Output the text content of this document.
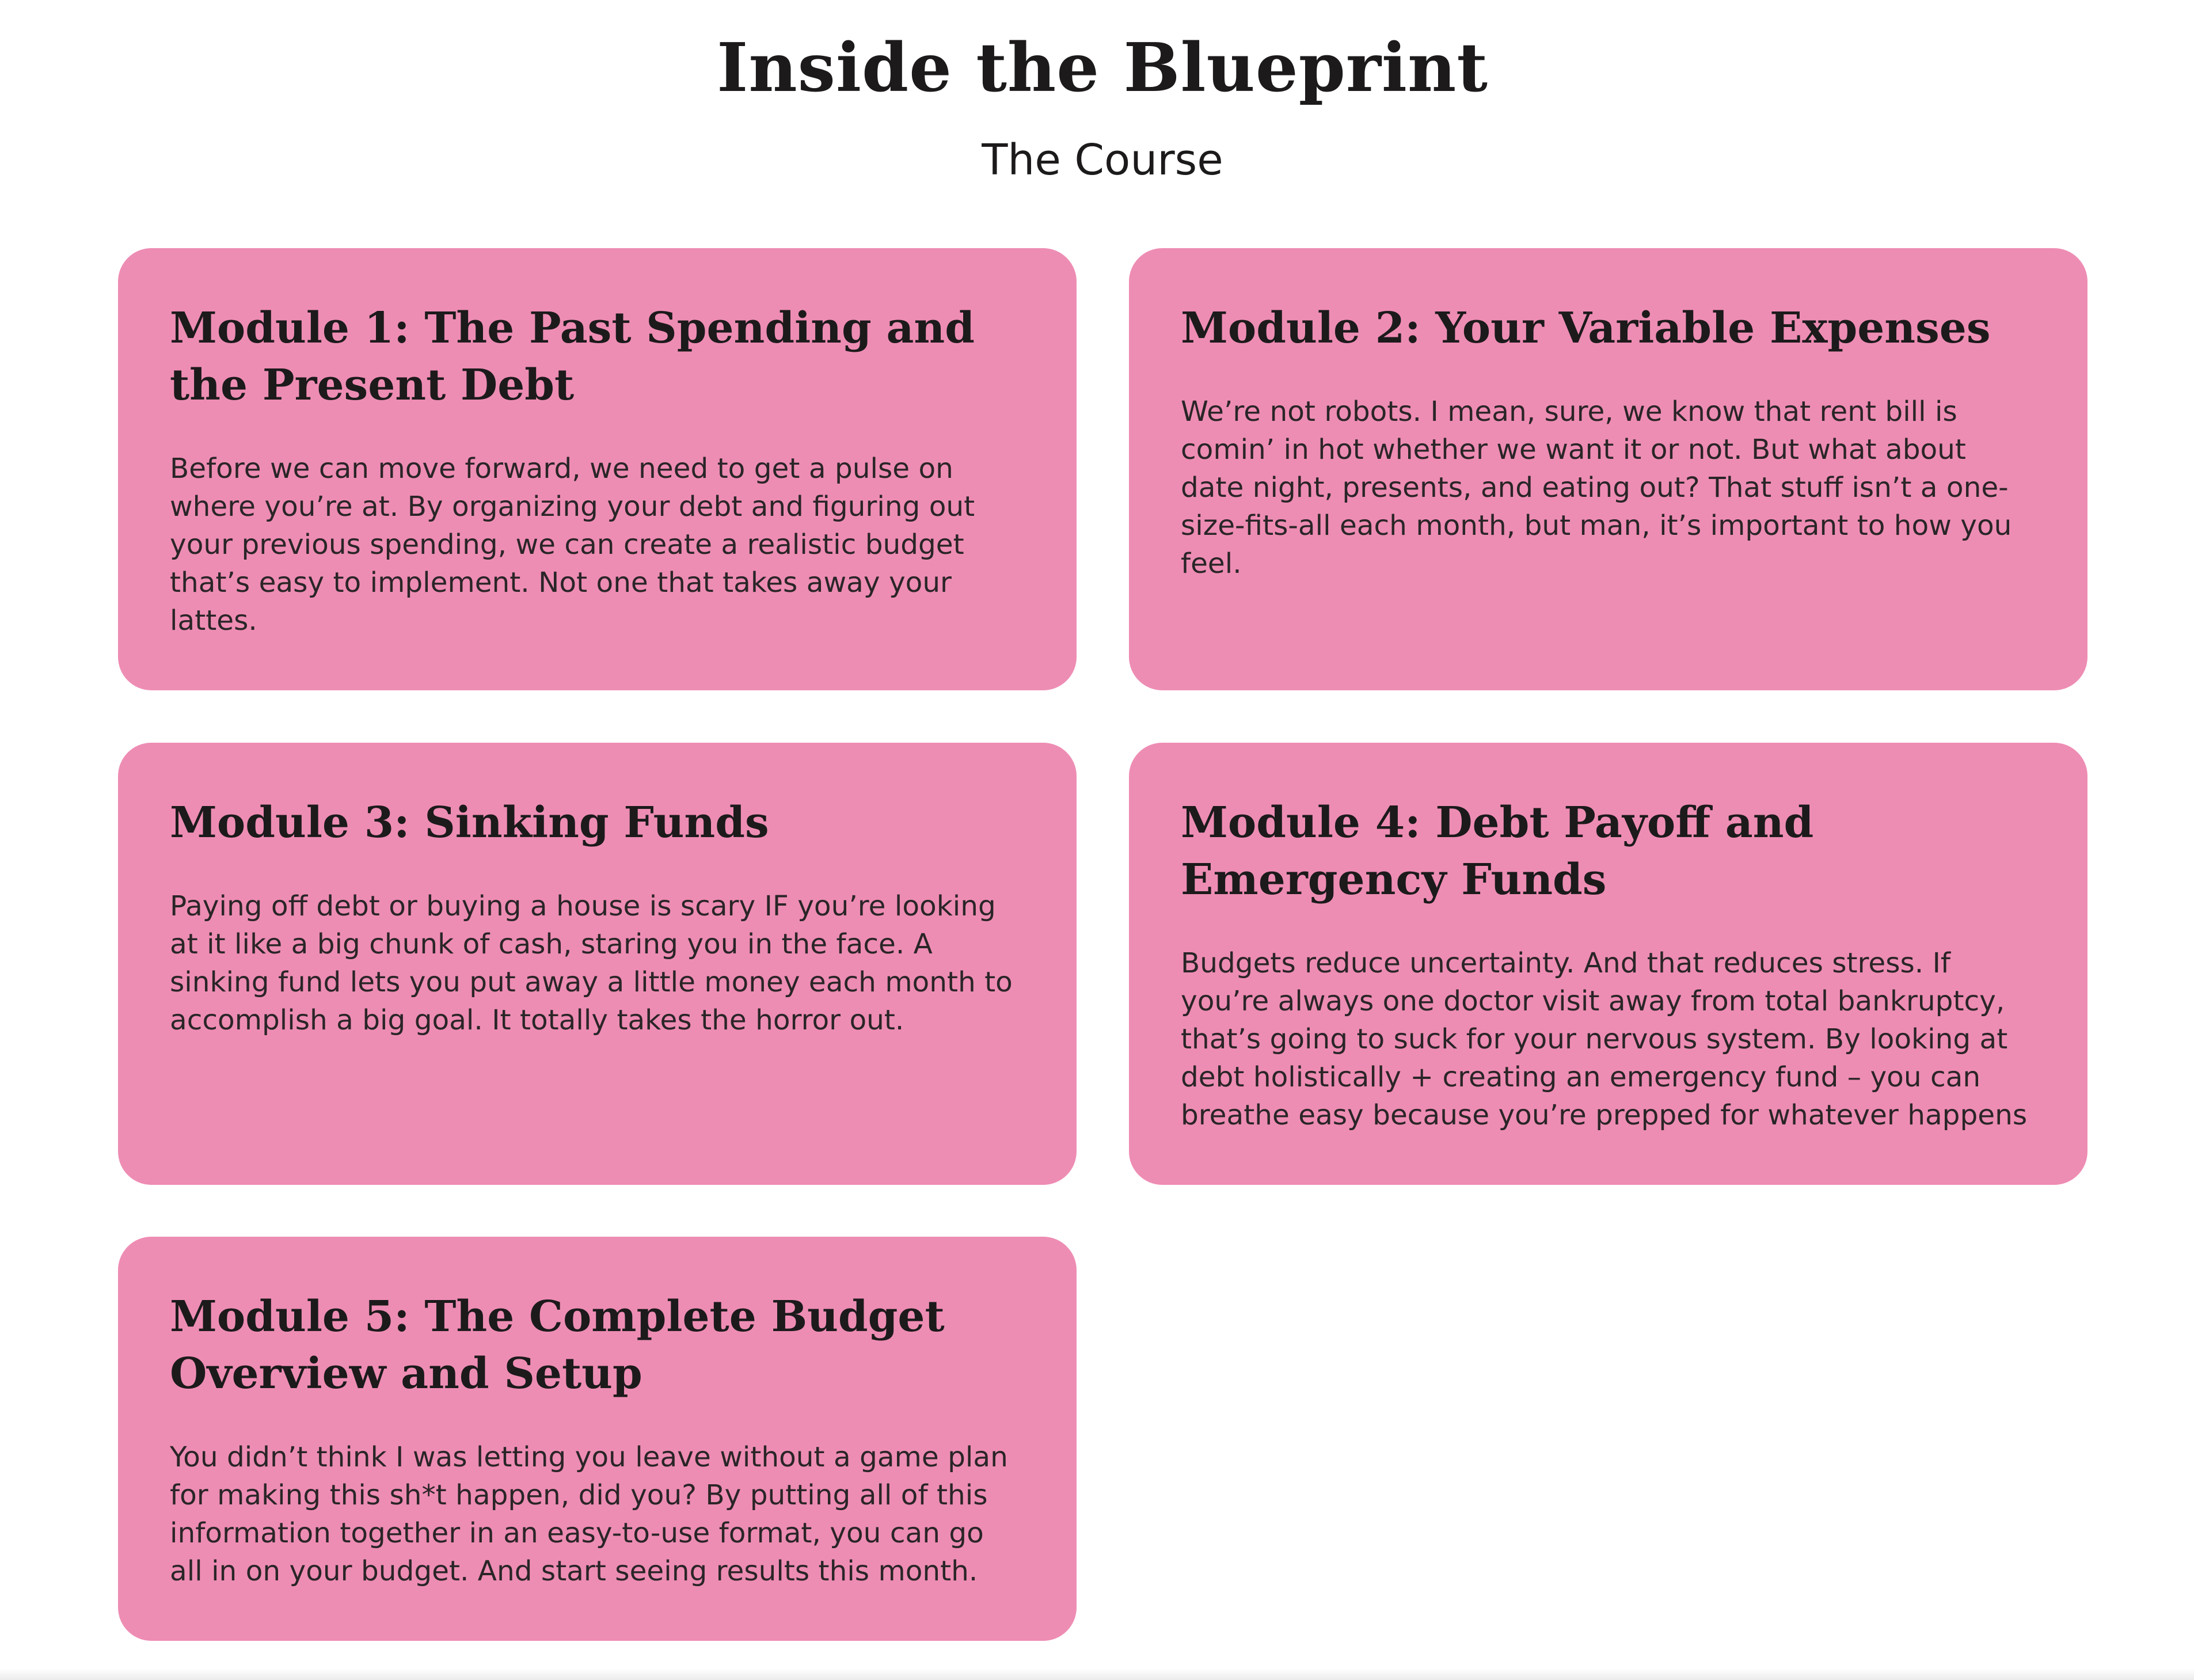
Inside the Blueprint
The Course
Module 1: The Past Spending and the Present Debt

Before we can move forward, we need to get a pulse on where you’re at. By organizing your debt and figuring out your previous spending, we can create a realistic budget that’s easy to implement. Not one that takes away your lattes.

Module 2: Your Variable Expenses

We’re not robots. I mean, sure, we know that rent bill is comin’ in hot whether we want it or not. But what about date night, presents, and eating out? That stuff isn’t a one-size-fits-all each month, but man, it’s important to how you feel.

Module 3: Sinking Funds

Paying off debt or buying a house is scary IF you’re looking at it like a big chunk of cash, staring you in the face. A sinking fund lets you put away a little money each month to accomplish a big goal. It totally takes the horror out.

Module 4: Debt Payoff and Emergency Funds

Budgets reduce uncertainty. And that reduces stress. If you’re always one doctor visit away from total bankruptcy, that’s going to suck for your nervous system. By looking at debt holistically + creating an emergency fund – you can breathe easy because you’re prepped for whatever happens

Module 5: The Complete Budget Overview and Setup

You didn’t think I was letting you leave without a game plan for making this sh*t happen, did you? By putting all of this information together in an easy-to-use format, you can go all in on your budget. And start seeing results this month.
